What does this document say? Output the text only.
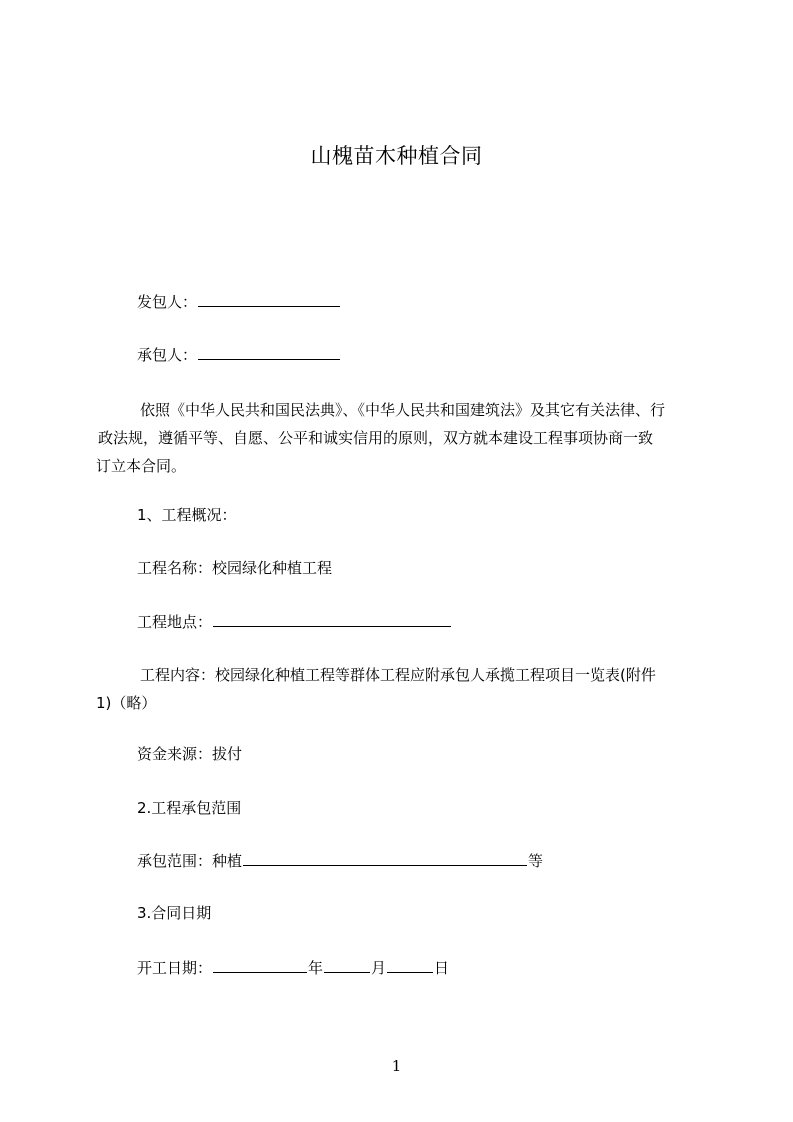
山槐苗木种植合同
发包人：
承包人：
依照《中华人民共和国民法典》、《中华人民共和国建筑法》及其它有关法律、行
政法规，遵循平等、自愿、公平和诚实信用的原则，双方就本建设工程事项协商一致
订立本合同。
1、工程概况：
工程名称：校园绿化种植工程
工程地点：
工程内容：校园绿化种植工程等群体工程应附承包人承揽工程项目一览表(附件
1)（略）
资金来源：拔付
2.工程承包范围
承包范围：种植	等
3.合同日期
开工日期：	年	月	日
1
